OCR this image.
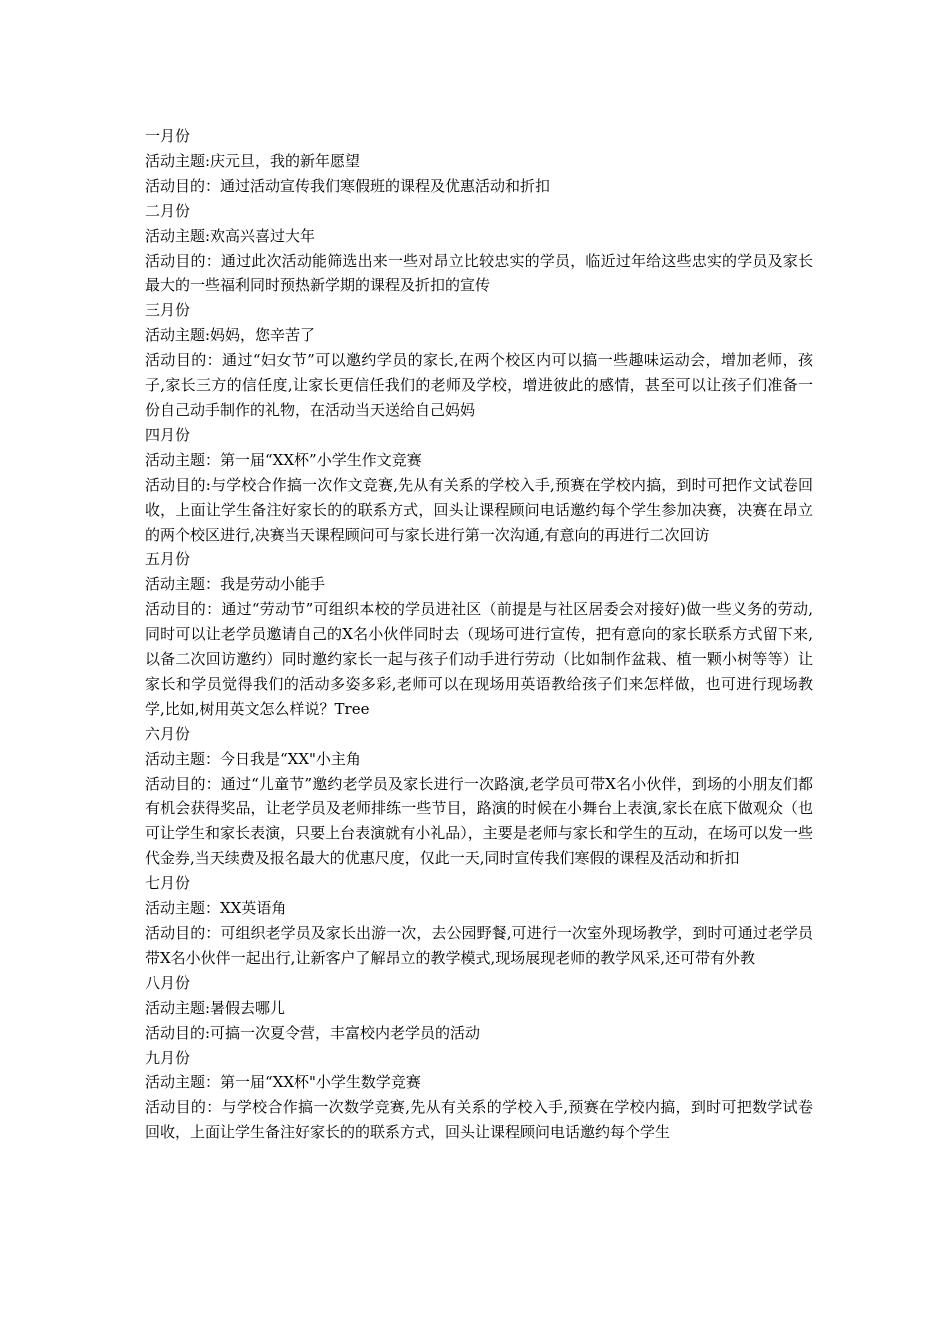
一月份

活动主题:庆元旦，我的新年愿望

活动目的：通过活动宣传我们寒假班的课程及优惠活动和折扣

二月份

活动主题:欢高兴喜过大年

活动目的：通过此次活动能筛选出来一些对昂立比较忠实的学员，临近过年给这些忠实的学员及家长最大的一些福利同时预热新学期的课程及折扣的宣传

三月份

活动主题:妈妈，您辛苦了

活动目的：通过“妇女节”可以邀约学员的家长,在两个校区内可以搞一些趣味运动会，增加老师，孩子,家长三方的信任度,让家长更信任我们的老师及学校，增进彼此的感情，甚至可以让孩子们准备一份自己动手制作的礼物，在活动当天送给自己妈妈

四月份

活动主题：第一届“XX杯”小学生作文竞赛

活动目的:与学校合作搞一次作文竞赛,先从有关系的学校入手,预赛在学校内搞，到时可把作文试卷回收，上面让学生备注好家长的的联系方式，回头让课程顾问电话邀约每个学生参加决赛，决赛在昂立的两个校区进行,决赛当天课程顾问可与家长进行第一次沟通,有意向的再进行二次回访

五月份

活动主题：我是劳动小能手

活动目的：通过“劳动节”可组织本校的学员进社区（前提是与社区居委会对接好)做一些义务的劳动,同时可以让老学员邀请自己的X名小伙伴同时去（现场可进行宣传，把有意向的家长联系方式留下来,以备二次回访邀约）同时邀约家长一起与孩子们动手进行劳动（比如制作盆栽、植一颗小树等等）让家长和学员觉得我们的活动多姿多彩,老师可以在现场用英语教给孩子们来怎样做，也可进行现场教学,比如,树用英文怎么样说？Tree

六月份

活动主题：今日我是“XX"小主角

活动目的：通过“儿童节”邀约老学员及家长进行一次路演,老学员可带X名小伙伴，到场的小朋友们都有机会获得奖品，让老学员及老师排练一些节目，路演的时候在小舞台上表演,家长在底下做观众（也可让学生和家长表演，只要上台表演就有小礼品），主要是老师与家长和学生的互动，在场可以发一些代金券,当天续费及报名最大的优惠尺度，仅此一天,同时宣传我们寒假的课程及活动和折扣

七月份

活动主题：XX英语角

活动目的：可组织老学员及家长出游一次，去公园野餐,可进行一次室外现场教学，到时可通过老学员带X名小伙伴一起出行,让新客户了解昂立的教学模式,现场展现老师的教学风采,还可带有外教

八月份

活动主题:暑假去哪儿

活动目的:可搞一次夏令营，丰富校内老学员的活动

九月份

活动主题：第一届“XX杯"小学生数学竞赛

活动目的：与学校合作搞一次数学竞赛,先从有关系的学校入手,预赛在学校内搞，到时可把数学试卷回收，上面让学生备注好家长的的联系方式，回头让课程顾问电话邀约每个学生
